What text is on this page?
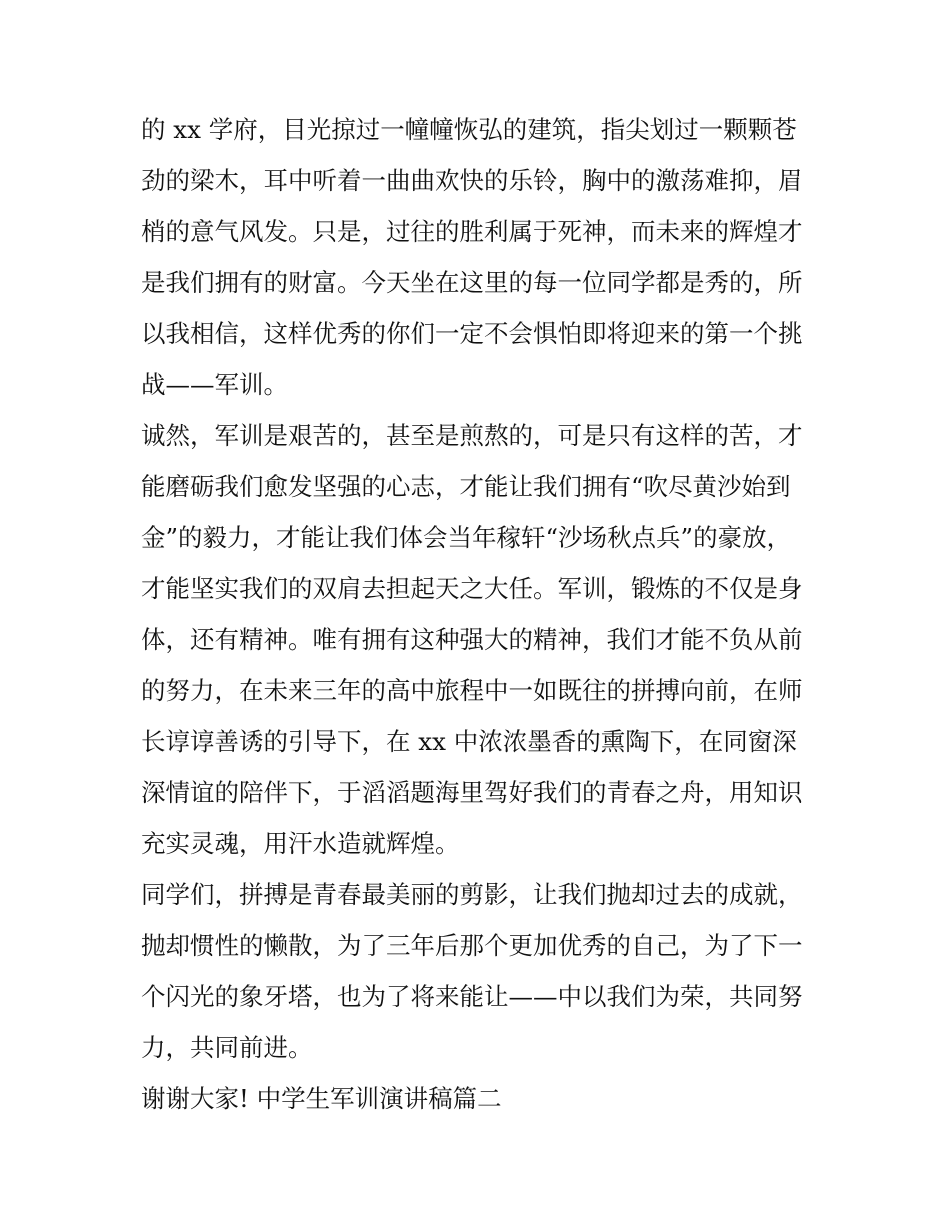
的 xx 学府，目光掠过一幢幢恢弘的建筑，指尖划过一颗颗苍
劲的梁木，耳中听着一曲曲欢快的乐铃，胸中的激荡难抑，眉
梢的意气风发。只是，过往的胜利属于死神，而未来的辉煌才
是我们拥有的财富。今天坐在这里的每一位同学都是秀的，所
以我相信，这样优秀的你们一定不会惧怕即将迎来的第一个挑
战——军训。
诚然，军训是艰苦的，甚至是煎熬的，可是只有这样的苦，才
能磨砺我们愈发坚强的心志，才能让我们拥有“吹尽黄沙始到
金”的毅力，才能让我们体会当年稼轩“沙场秋点兵”的豪放，
才能坚实我们的双肩去担起天之大任。军训，锻炼的不仅是身
体，还有精神。唯有拥有这种强大的精神，我们才能不负从前
的努力，在未来三年的高中旅程中一如既往的拼搏向前，在师
长谆谆善诱的引导下，在 xx 中浓浓墨香的熏陶下，在同窗深
深情谊的陪伴下，于滔滔题海里驾好我们的青春之舟，用知识
充实灵魂，用汗水造就辉煌。
同学们，拼搏是青春最美丽的剪影，让我们抛却过去的成就，
抛却惯性的懒散，为了三年后那个更加优秀的自己，为了下一
个闪光的象牙塔，也为了将来能让——中以我们为荣，共同努
力，共同前进。
谢谢大家! 中学生军训演讲稿篇二
